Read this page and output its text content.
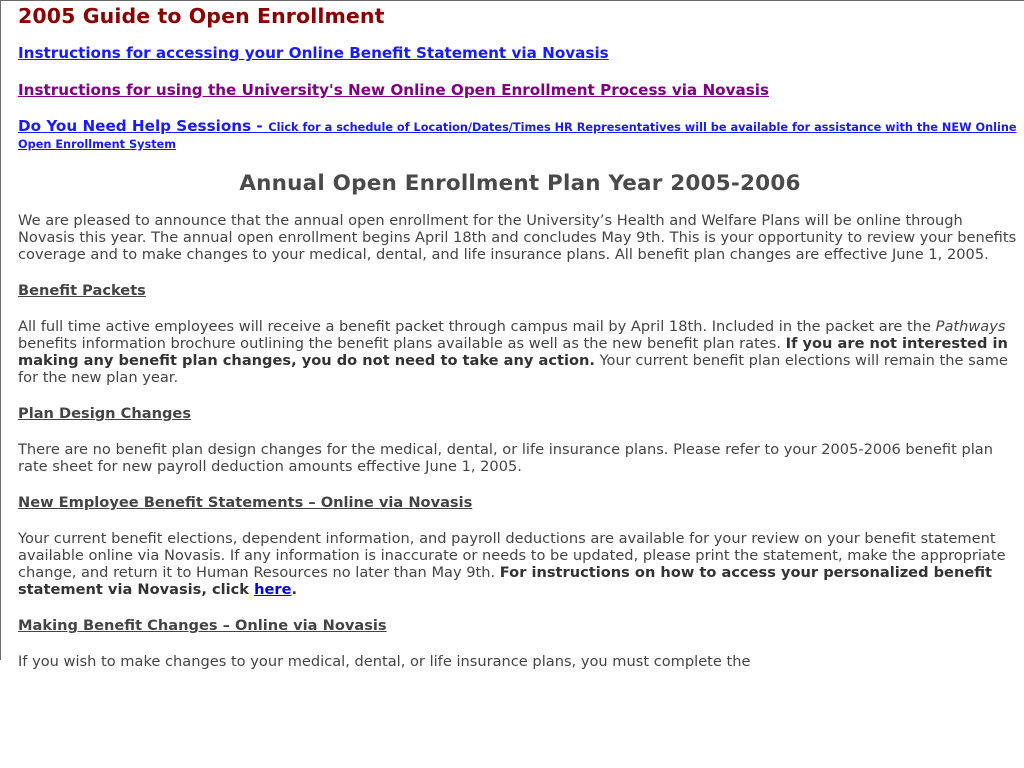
2005 Guide to Open Enrollment
Instructions for accessing your Online Benefit Statement via Novasis
Instructions for using the University's New Online Open Enrollment Process via Novasis
Do You Need Help Sessions - Click for a schedule of Location/Dates/Times HR Representatives will be available for assistance with the NEW Online Open Enrollment System
Annual Open Enrollment Plan Year 2005-2006

We are pleased to announce that the annual open enrollment for the University’s Health and Welfare Plans will be online through Novasis this year. The annual open enrollment begins April 18th and concludes May 9th. This is your opportunity to review your benefits coverage and to make changes to your medical, dental, and life insurance plans. All benefit plan changes are effective June 1, 2005.

Benefit Packets

All full time active employees will receive a benefit packet through campus mail by April 18th. Included in the packet are the Pathways benefits information brochure outlining the benefit plans available as well as the new benefit plan rates. If you are not interested in making any benefit plan changes, you do not need to take any action. Your current benefit plan elections will remain the same for the new plan year.

Plan Design Changes

There are no benefit plan design changes for the medical, dental, or life insurance plans. Please refer to your 2005-2006 benefit plan rate sheet for new payroll deduction amounts effective June 1, 2005.

New Employee Benefit Statements – Online via Novasis

Your current benefit elections, dependent information, and payroll deductions are available for your review on your benefit statement available online via Novasis. If any information is inaccurate or needs to be updated, please print the statement, make the appropriate change, and return it to Human Resources no later than May 9th. For instructions on how to access your personalized benefit statement via Novasis, click here.

Making Benefit Changes – Online via Novasis

If you wish to make changes to your medical, dental, or life insurance plans, you must complete the
